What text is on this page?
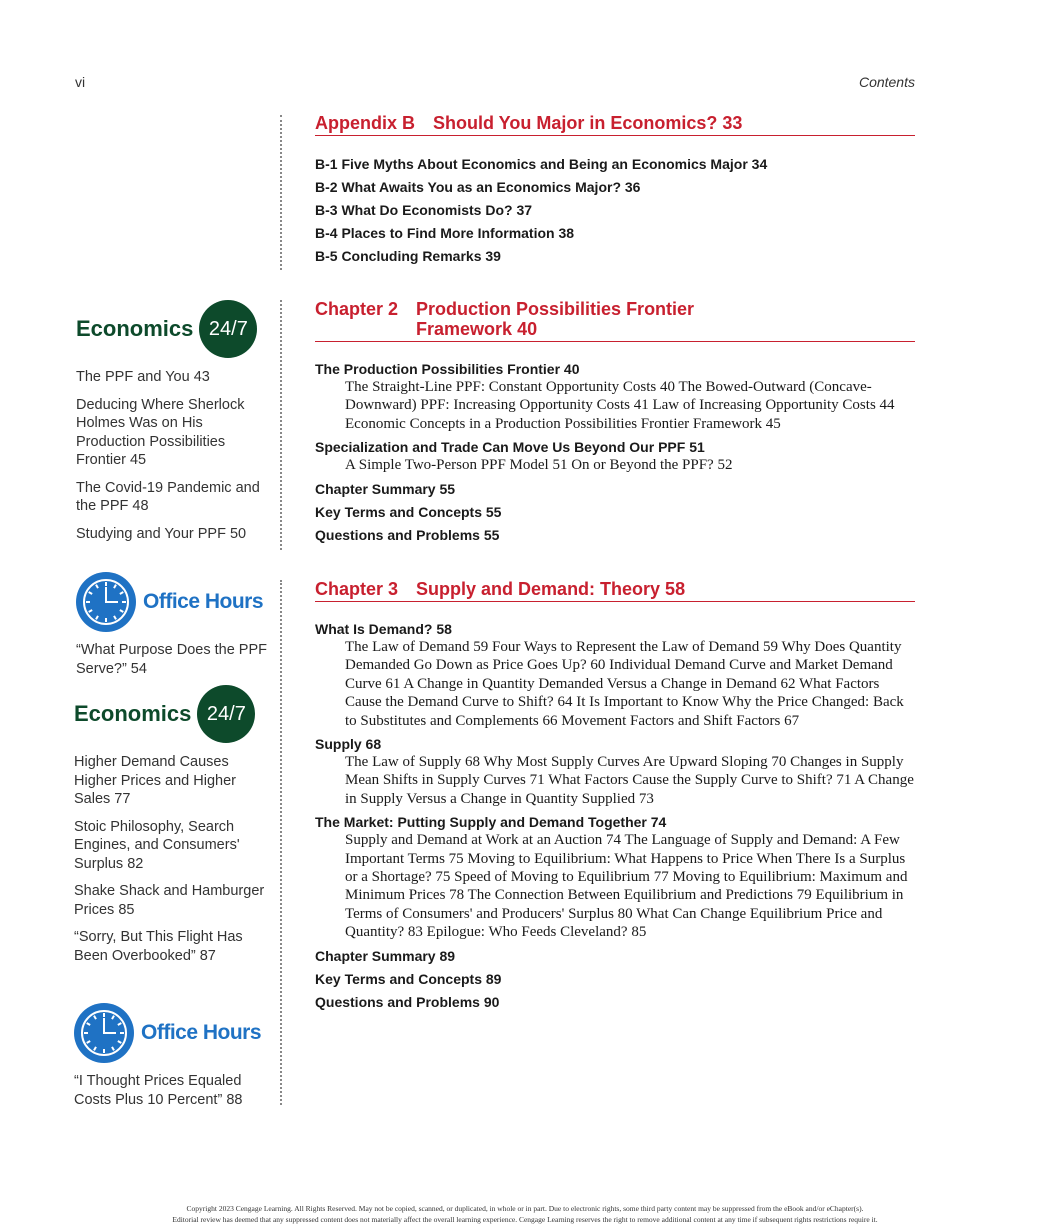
vi	Contents
Appendix B Should You Major in Economics? 33
B-1 Five Myths About Economics and Being an Economics Major 34
B-2 What Awaits You as an Economics Major? 36
B-3 What Do Economists Do? 37
B-4 Places to Find More Information 38
B-5 Concluding Remarks 39
Chapter 2 Production Possibilities Frontier
Framework 40
The Production Possibilities Frontier 40
The Straight-Line PPF: Constant Opportunity Costs 40 The Bowed-Outward (Concave-Downward) PPF: Increasing Opportunity Costs 41 Law of Increasing Opportunity Costs 44 Economic Concepts in a Production Possibilities Frontier Framework 45
Specialization and Trade Can Move Us Beyond Our PPF 51
A Simple Two-Person PPF Model 51 On or Beyond the PPF? 52
Chapter Summary 55
Key Terms and Concepts 55
Questions and Problems 55
Chapter 3 Supply and Demand: Theory 58
What Is Demand? 58
The Law of Demand 59 Four Ways to Represent the Law of Demand 59 Why Does Quantity Demanded Go Down as Price Goes Up? 60 Individual Demand Curve and Market Demand Curve 61 A Change in Quantity Demanded Versus a Change in Demand 62 What Factors Cause the Demand Curve to Shift? 64 It Is Important to Know Why the Price Changed: Back to Substitutes and Complements 66 Movement Factors and Shift Factors 67
Supply 68
The Law of Supply 68 Why Most Supply Curves Are Upward Sloping 70 Changes in Supply Mean Shifts in Supply Curves 71 What Factors Cause the Supply Curve to Shift? 71 A Change in Supply Versus a Change in Quantity Supplied 73
The Market: Putting Supply and Demand Together 74
Supply and Demand at Work at an Auction 74 The Language of Supply and Demand: A Few Important Terms 75 Moving to Equilibrium: What Happens to Price When There Is a Surplus or a Shortage? 75 Speed of Moving to Equilibrium 77 Moving to Equilibrium: Maximum and Minimum Prices 78 The Connection Between Equilibrium and Predictions 79 Equilibrium in Terms of Consumers' and Producers' Surplus 80 What Can Change Equilibrium Price and Quantity? 83 Epilogue: Who Feeds Cleveland? 85
Chapter Summary 89
Key Terms and Concepts 89
Questions and Problems 90
Economics 24/7
The PPF and You 43
Deducing Where Sherlock Holmes Was on His Production Possibilities Frontier 45
The Covid-19 Pandemic and the PPF 48
Studying and Your PPF 50
Office Hours
“What Purpose Does the PPF Serve?” 54
Economics 24/7
Higher Demand Causes Higher Prices and Higher Sales 77
Stoic Philosophy, Search Engines, and Consumers' Surplus 82
Shake Shack and Hamburger Prices 85
“Sorry, But This Flight Has Been Overbooked” 87
Office Hours
“I Thought Prices Equaled Costs Plus 10 Percent” 88
Copyright 2023 Cengage Learning. All Rights Reserved. May not be copied, scanned, or duplicated, in whole or in part. Due to electronic rights, some third party content may be suppressed from the eBook and/or eChapter(s).
Editorial review has deemed that any suppressed content does not materially affect the overall learning experience. Cengage Learning reserves the right to remove additional content at any time if subsequent rights restrictions require it.
